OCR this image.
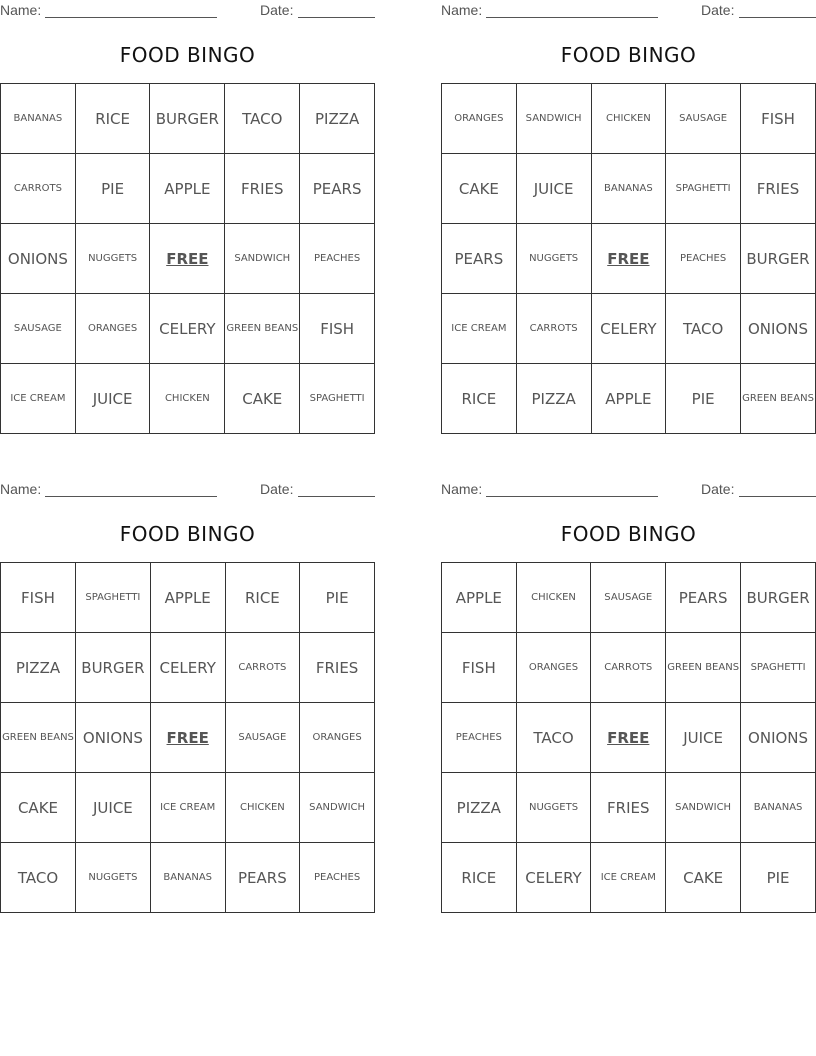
Name:	Date:
FOOD BINGO
BANANAS	RICE	BURGER	TACO	PIZZA
CARROTS	PIE	APPLE	FRIES	PEARS
ONIONS	NUGGETS	FREE	SANDWICH	PEACHES
SAUSAGE	ORANGES	CELERY	GREEN BEANS	FISH
ICE CREAM	JUICE	CHICKEN	CAKE	SPAGHETTI
Name:	Date:
FOOD BINGO
ORANGES	SANDWICH	CHICKEN	SAUSAGE	FISH
CAKE	JUICE	BANANAS	SPAGHETTI	FRIES
PEARS	NUGGETS	FREE	PEACHES	BURGER
ICE CREAM	CARROTS	CELERY	TACO	ONIONS
RICE	PIZZA	APPLE	PIE	GREEN BEANS
Name:	Date:
FOOD BINGO
FISH	SPAGHETTI	APPLE	RICE	PIE
PIZZA	BURGER	CELERY	CARROTS	FRIES
GREEN BEANS	ONIONS	FREE	SAUSAGE	ORANGES
CAKE	JUICE	ICE CREAM	CHICKEN	SANDWICH
TACO	NUGGETS	BANANAS	PEARS	PEACHES
Name:	Date:
FOOD BINGO
APPLE	CHICKEN	SAUSAGE	PEARS	BURGER
FISH	ORANGES	CARROTS	GREEN BEANS	SPAGHETTI
PEACHES	TACO	FREE	JUICE	ONIONS
PIZZA	NUGGETS	FRIES	SANDWICH	BANANAS
RICE	CELERY	ICE CREAM	CAKE	PIE
